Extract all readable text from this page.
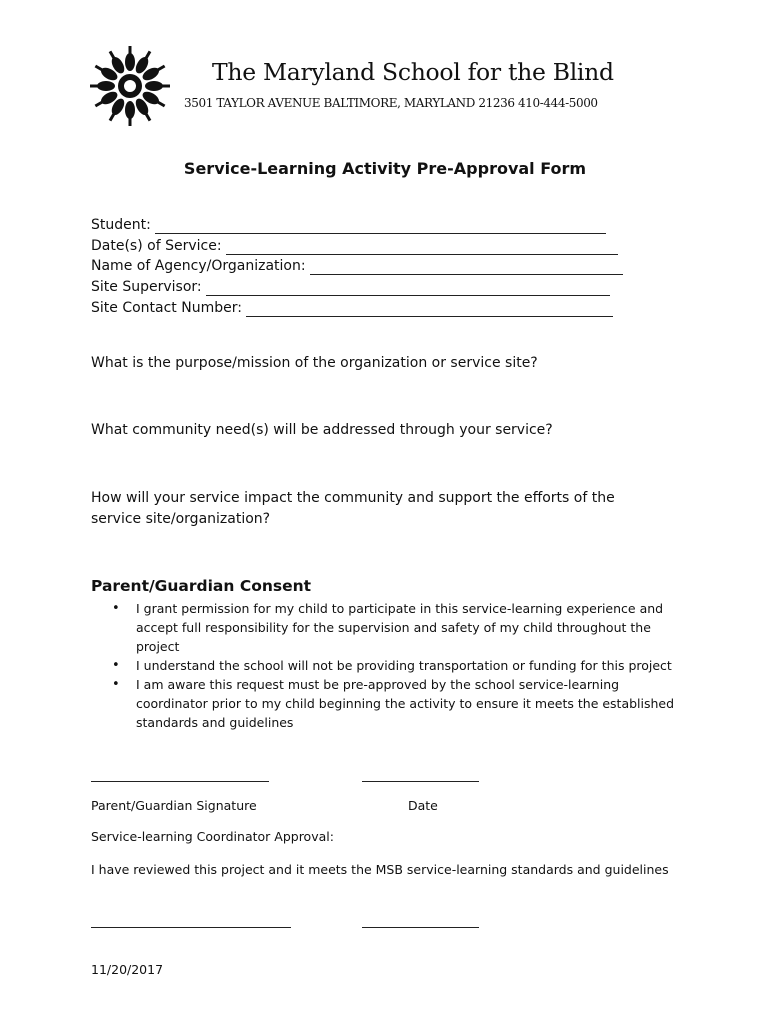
The Maryland School for the Blind
3501 TAYLOR AVENUE BALTIMORE, MARYLAND 21236 410-444-5000
Service-Learning Activity Pre-Approval Form
Student:
Date(s) of Service:
Name of Agency/Organization:
Site Supervisor:
Site Contact Number:
What is the purpose/mission of the organization or service site?
What community need(s) will be addressed through your service?
How will your service impact the community and support the efforts of the service site/organization?
Parent/Guardian Consent
• I grant permission for my child to participate in this service-learning experience and accept full responsibility for the supervision and safety of my child throughout the project
• I understand the school will not be providing transportation or funding for this project
• I am aware this request must be pre-approved by the school service-learning coordinator prior to my child beginning the activity to ensure it meets the established standards and guidelines
Parent/Guardian Signature	Date
Service-learning Coordinator Approval:
I have reviewed this project and it meets the MSB service-learning standards and guidelines
11/20/2017
